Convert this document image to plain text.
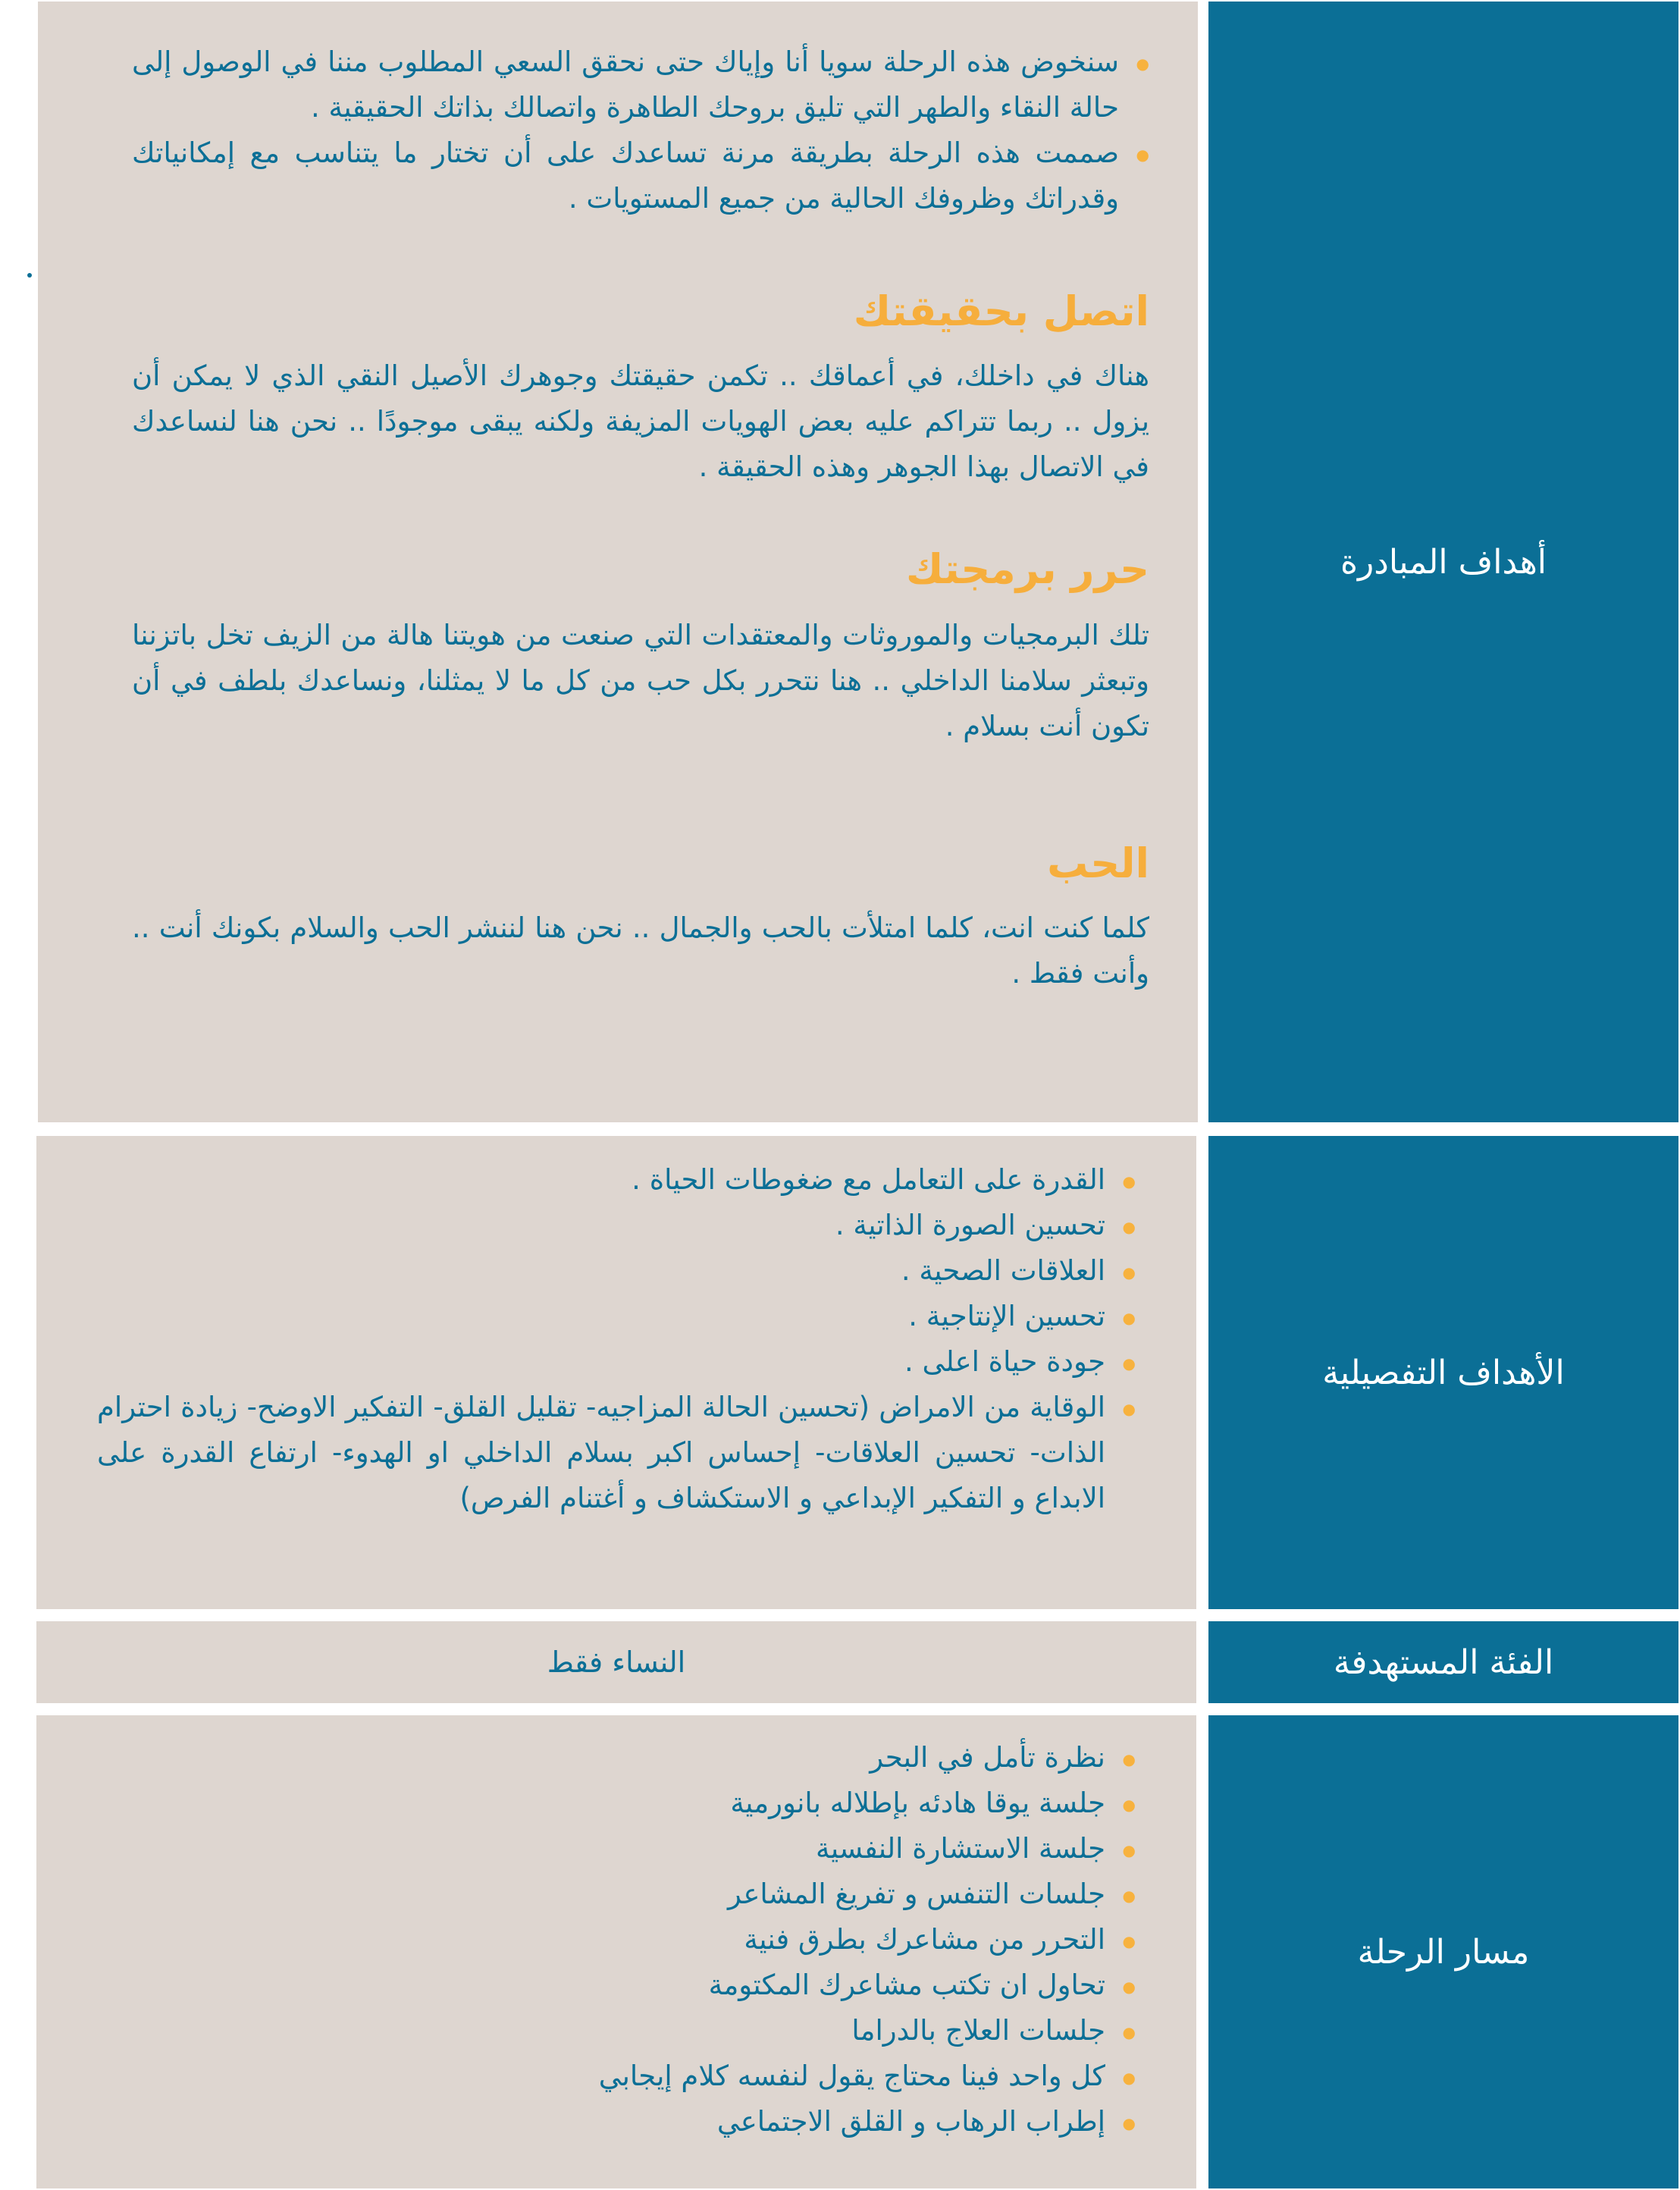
أهداف المبادرة
● سنخوض هذه الرحلة سويا أنا وإياك حتى نحقق السعي المطلوب مننا في الوصول إلى حالة النقاء والطهر التي تليق بروحك الطاهرة واتصالك بذاتك الحقيقية .
● صممت هذه الرحلة بطريقة مرنة تساعدك على أن تختار ما يتناسب مع إمكانياتك وقدراتك وظروفك الحالية من جميع المستويات .
اتصل بحقيقتك

هناك في داخلك، في أعماقك .. تكمن حقيقتك وجوهرك الأصيل النقي الذي لا يمكن أن يزول .. ربما تتراكم عليه بعض الهويات المزيفة ولكنه يبقى موجودًا .. نحن هنا لنساعدك في الاتصال بهذا الجوهر وهذه الحقيقة .

حرر برمجتك

تلك البرمجيات والموروثات والمعتقدات التي صنعت من هويتنا هالة من الزيف تخل باتزننا وتبعثر سلامنا الداخلي .. هنا نتحرر بكل حب من كل ما لا يمثلنا، ونساعدك بلطف في أن تكون أنت بسلام .

الحب

كلما كنت انت، كلما امتلأت بالحب والجمال .. نحن هنا لننشر الحب والسلام بكونك أنت .. وأنت فقط .

الأهداف التفصيلية
● القدرة على التعامل مع ضغوطات الحياة .
● تحسين الصورة الذاتية .
● العلاقات الصحية .
● تحسين الإنتاجية .
● جودة حياة اعلى .
● الوقاية من الامراض (تحسين الحالة المزاجيه- تقليل القلق- التفكير الاوضح- زيادة احترام الذات- تحسين العلاقات- إحساس اكبر بسلام الداخلي او الهدوء- ارتفاع القدرة على الابداع و التفكير الإبداعي و الاستكشاف و أغتنام الفرص)
الفئة المستهدفة
النساء فقط
مسار الرحلة
● نظرة تأمل في البحر
● جلسة يوقا هادئه بإطلاله بانورمية
● جلسة الاستشارة النفسية
● جلسات التنفس و تفريغ المشاعر
● التحرر من مشاعرك بطرق فنية
● تحاول ان تكتب مشاعرك المكتومة
● جلسات العلاج بالدراما
● كل واحد فينا محتاج يقول لنفسه كلام إيجابي
● إطراب الرهاب و القلق الاجتماعي
